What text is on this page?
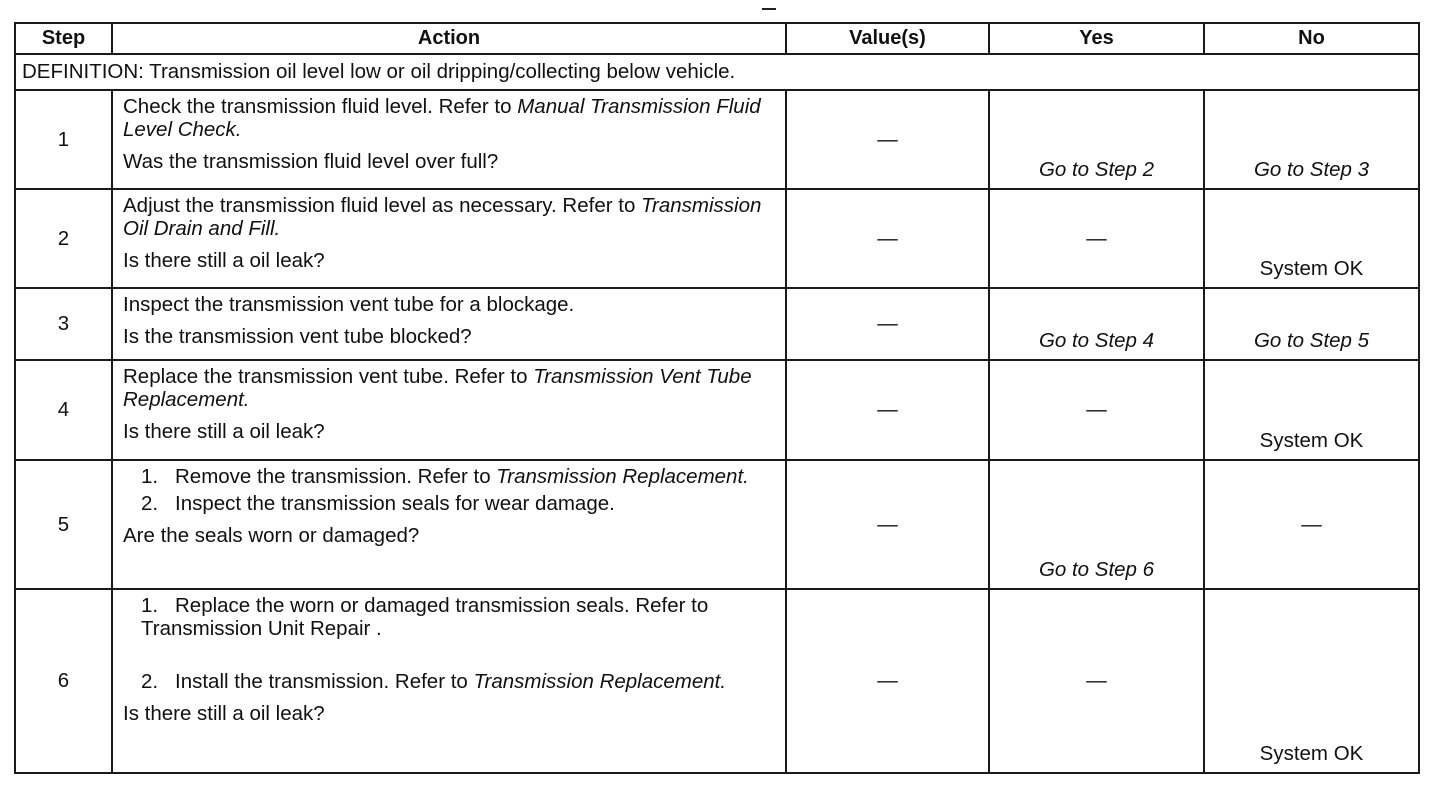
Step	Action	Value(s)	Yes	No
DEFINITION: Transmission oil level low or oil dripping/collecting below vehicle.				
1	Check the transmission fluid level. Refer to Manual Transmission Fluid Level Check.
Was the transmission fluid level over full?	—	Go to Step 2	Go to Step 3
2	Adjust the transmission fluid level as necessary. Refer to Transmission Oil Drain and Fill.
Is there still a oil leak?	—	—	System OK
3	Inspect the transmission vent tube for a blockage.
Is the transmission vent tube blocked?	—	Go to Step 4	Go to Step 5
4	Replace the transmission vent tube. Refer to Transmission Vent Tube Replacement.
Is there still a oil leak?	—	—	System OK
5	1. Remove the transmission. Refer to Transmission Replacement.
2. Inspect the transmission seals for wear damage.
Are the seals worn or damaged?	—	Go to Step 6	—
6	1. Replace the worn or damaged transmission seals. Refer to Transmission Unit Repair .
2. Install the transmission. Refer to Transmission Replacement.
Is there still a oil leak?	—	—	System OK
